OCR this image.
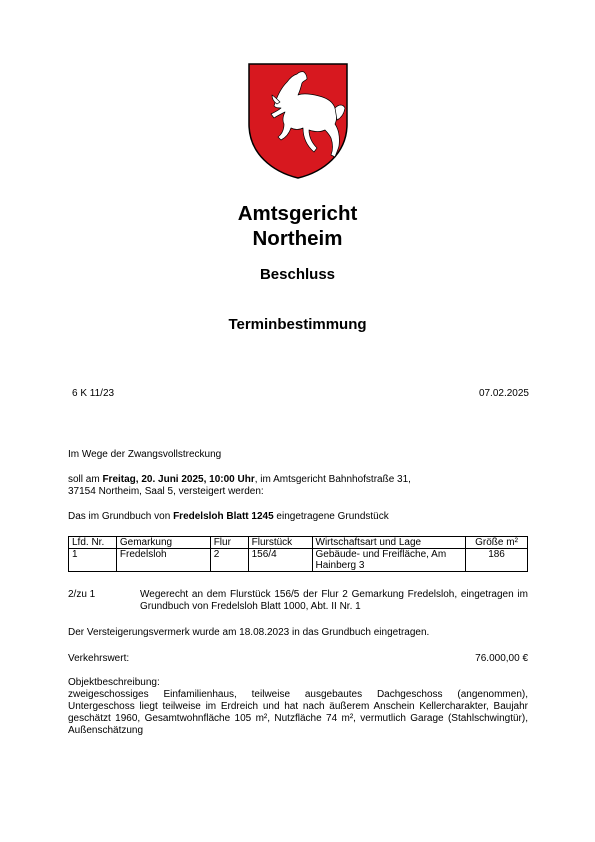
Amtsgericht
Northeim
Beschluss
Terminbestimmung
6 K 11/23	07.02.2025
Im Wege der Zwangsvollstreckung
soll am Freitag, 20. Juni 2025, 10:00 Uhr, im Amtsgericht Bahnhofstraße 31,
37154 Northeim, Saal 5, versteigert werden:
Das im Grundbuch von Fredelsloh Blatt 1245 eingetragene Grundstück
Lfd. Nr.	Gemarkung	Flur	Flurstück	Wirtschaftsart und Lage	Größe m²
1	Fredelsloh	2	156/4	Gebäude- und Freifläche, Am Hainberg 3	186
2/zu 1	Wegerecht an dem Flurstück 156/5 der Flur 2 Gemarkung Fredelsloh, eingetragen im Grundbuch von Fredelsloh Blatt 1000, Abt. II Nr. 1
Der Versteigerungsvermerk wurde am 18.08.2023 in das Grundbuch eingetragen.
Verkehrswert:	76.000,00 €
Objektbeschreibung:
zweigeschossiges Einfamilienhaus, teilweise ausgebautes Dachgeschoss (angenommen), Untergeschoss liegt teilweise im Erdreich und hat nach äußerem Anschein Kellercharakter, Baujahr geschätzt 1960, Gesamtwohnfläche 105 m², Nutzfläche 74 m², vermutlich Garage (Stahlschwingtür), Außenschätzung
